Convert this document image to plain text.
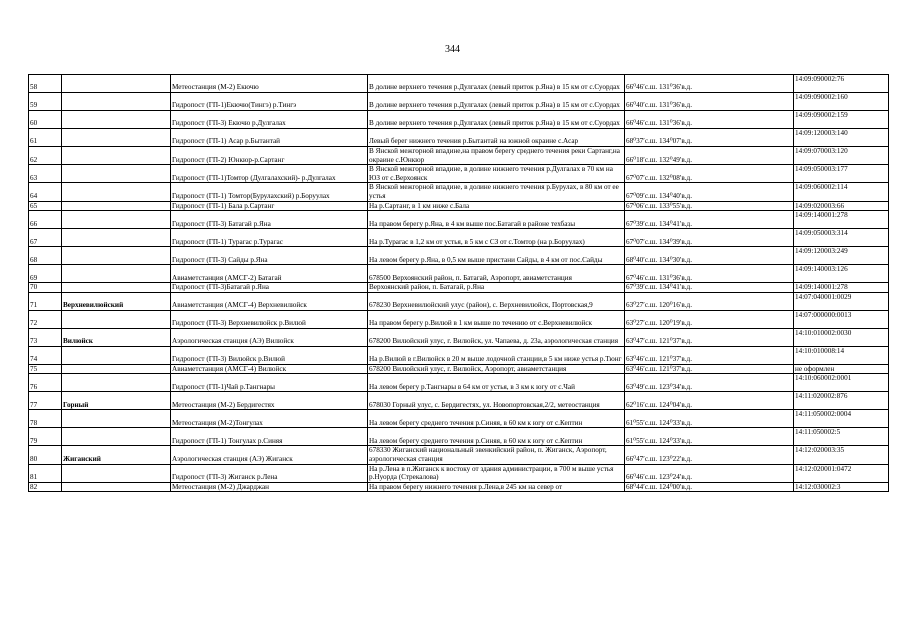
344
58		Метеостанция (М-2) Екючю	В долине верхнего течения р.Дулгалах (левый приток р.Яна) в 15 км от с.Суордах	66⁰46′с.ш. 131⁰36′в.д.	14:09:090002:76
59		Гидропост (ГП-1)Екючю(Тингэ) р.Тингэ	В долине верхнего течения р.Дулгалах (левый приток р.Яна) в 15 км от с.Суордах	66⁰40′с.ш. 131⁰36′в.д.	14:09:090002:160
60		Гидропост (ГП-3) Екючю р.Дулгалах	В долине верхнего течения р.Дулгалах (левый приток р.Яна) в 15 км от с.Суордах	66⁰46′с.ш. 131⁰36′в.д.	14:09:090002:159
61		Гидропост (ГП-1) Асар р.Бытантай	Левый берег нижнего течения р.Бытантай на южной окраине с.Асар	68⁰37′с.ш. 134⁰07′в.д.	14:09:120003:140
62		Гидропост (ГП-2) Юнкюр-р.Сартанг	В Янской межгорной впадине,на правом берегу среднего течения реки Сартанг,на окраине с.Юнкюр	66⁰18′с.ш. 132⁰49′в.д.	14:09:070003:120
63		Гидропост (ГП-1)Томтор (Дулгалахский)- р.Дулгалах	В Янской межгорной впадине, в долине нижнего течения р.Дулгалах в 70 км на ЮЗ от с.Верхоянск	67⁰07′с.ш. 132⁰08′в.д.	14:09:050003:177
64		Гидропост (ГП-1) Томтор(Бурулахский) р.Боруулах	В Янской межгорной впадине, в долине нижнего течения р.Бурулах, в 80 км от ее устья	67⁰09′с.ш. 134⁰40′в.д.	14:09:060002:114
65		Гидропост (ГП-1) Бала р.Сартанг	На р.Сартанг, в 1 км ниже с.Бала	67⁰06′с.ш. 133⁰55′в.д.	14:09:020003:66
66		Гидропост (ГП-3) Батагай р.Яна	На правом берегу р.Яна, в 4 км выше пос.Батагай в районе техбазы	67⁰39′с.ш. 134⁰41′в.д.	14:09:140001:278
67		Гидропост (ГП-1) Турагас р.Турагас	На р.Турагас в 1,2 км от устья, в 5 км с СЗ от с.Томтор (на р.Боруулах)	67⁰07′с.ш. 134⁰39′в.д.	14:09:050003:314
68		Гидропост (ГП-3) Сайды р.Яна	На левом берегу р.Яна, в 0,5 км выше пристани Сайды, в 4 км от пос.Сайды	68⁰40′с.ш. 134⁰30′в.д.	14:09:120003:249
69		Авиаметстанция (АМСГ-2) Батагай	678500 Верхоянский район, п. Батагай, Аэропорт, авиаметстанция	67⁰46′с.ш. 131⁰36′в.д.	14:09:140003:126
70		Гидропост (ГП-3)Батагай р.Яна	Верхоянский район, п. Батагай, р.Яна	67⁰39′с.ш. 134⁰41′в.д.	14:09:140001:278
71	Верхневилюйский	Авиаметстанция (АМСГ-4) Верхневилюйск	678230 Верхневилюйский улус (район), с. Верхневилюйск, Портовская,9	63⁰27′с.ш. 120⁰16′в.д.	14:07:040001:0029
72		Гидропост (ГП-3) Верхневилюйск р.Вилюй	На правом берегу р.Вилюй в 1 км выше по течению от с.Верхневилюйск	63⁰27′с.ш. 120⁰19′в.д.	14:07:000000:0013
73	Вилюйск	Аэрологическая станция (АЭ) Вилюйск	678200 Вилюйский улус, г. Вилюйск, ул. Чапаева, д. 23а, аэрологическая станция	63⁰47′с.ш. 121⁰37′в.д.	14:10:010002:0030
74		Гидропост (ГП-3) Вилюйск р.Вилюй	На р.Вилюй в г.Вилюйск в 20 м выше лодочной станции,в 5 км ниже устья р.Тюнг	63⁰46′с.ш. 121⁰37′в.д.	14:10:010008:14
75		Авиаметстанция (АМСГ-4) Вилюйск	678200 Вилюйский улус, г. Вилюйск, Аэропорт, авиаметстанция	63⁰46′с.ш. 121⁰37′в.д.	не оформлен
76		Гидропост (ГП-1)Чай р.Тангнары	На левом берегу р.Тангнары в 64 км от устья, в 3 км к югу от с.Чай	63⁰49′с.ш. 123⁰34′в.д.	14:10:060002:0001
77	Горный	Метеостанция (М-2) Бердигестях	678030 Горный улус, с. Бердигестях, ул. Новопортовская,2/2, метеостанция	62⁰16′с.ш. 124⁰04′в.д.	14:11:020002:876
78		Метеостанция (М-2)Тонгулах	На левом берегу среднего течения р.Синяя, в 60 км к югу от с.Кептин	61⁰55′с.ш. 124⁰33′в.д.	14:11:050002:0004
79		Гидропост (ГП-1) Тонгулах р.Синяя	На левом берегу среднего течения р.Синяя, в 60 км к югу от с.Кептин	61⁰55′с.ш. 124⁰33′в.д.	14:11:050002:5
80	Жиганский	Аэрологическая станция (АЭ) Жиганск	678330 Жиганский национальный эвенкийский район, п. Жиганск, Аэропорт, аэрологическая станция	66⁰47′с.ш. 123⁰22′в.д.	14:12:020003:35
81		Гидропост (ГП-3) Жиганск р.Лена	На р.Лена в п.Жиганск к востоку от здания администрации, в 700 м выше устья р.Нуорда (Стрекалова)	66⁰46′с.ш. 123⁰24′в.д.	14:12:020001:0472
82		Метеостанция (М-2) Джарджан	На правом берегу нижнего течения р.Лена,в 245 км на север от	68⁰44′с.ш. 124⁰00′в.д.	14:12:030002:3
